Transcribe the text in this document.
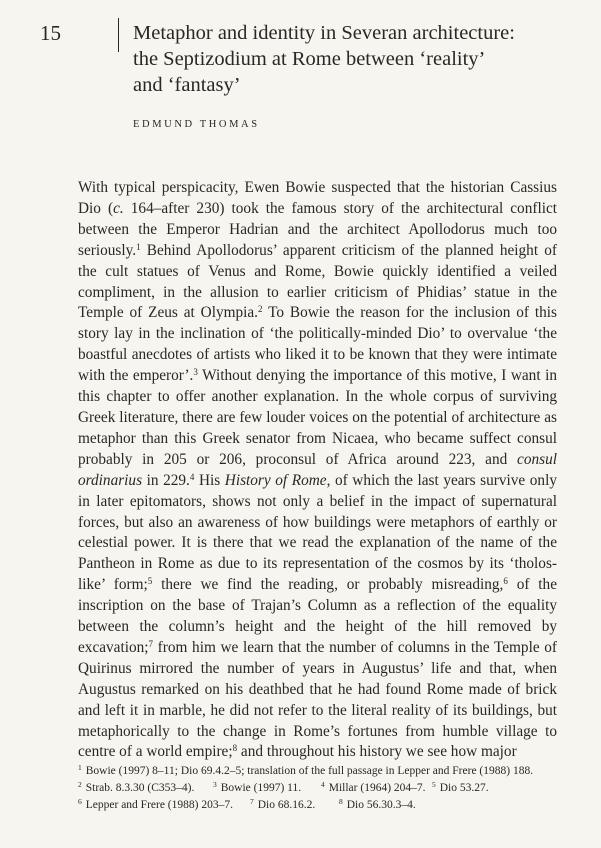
15	Metaphor and identity in Severan architecture:
the Septizodium at Rome between ‘reality’
and ‘fantasy’
EDMUND THOMAS

With typical perspicacity, Ewen Bowie suspected that the historian Cassius Dio (c. 164–after 230) took the famous story of the architectural conflict between the Emperor Hadrian and the architect Apollodorus much too seriously.$^1$ Behind Apollodorus’ apparent criticism of the planned height of the cult statues of Venus and Rome, Bowie quickly identified a veiled compliment, in the allusion to earlier criticism of Phidias’ statue in the Temple of Zeus at Olympia.$^2$ To Bowie the reason for the inclusion of this story lay in the inclination of ‘the politically-minded Dio’ to overvalue ‘the boastful anecdotes of artists who liked it to be known that they were intimate with the emperor’.$^3$ Without denying the importance of this motive, I want in this chapter to offer another explanation. In the whole corpus of surviving Greek literature, there are few louder voices on the potential of architecture as metaphor than this Greek senator from Nicaea, who became suffect consul probably in 205 or 206, proconsul of Africa around 223, and consul ordinarius in 229.$^4$ His History of Rome, of which the last years survive only in later epitomators, shows not only a belief in the impact of supernatural forces, but also an awareness of how buildings were metaphors of earthly or celestial power. It is there that we read the explanation of the name of the Pantheon in Rome as due to its representation of the cosmos by its ‘tholos-like’ form;$^5$ there we find the reading, or probably misreading,$^6$ of the inscription on the base of Trajan’s Column as a reflection of the equality between the column’s height and the height of the hill removed by excavation;$^7$ from him we learn that the number of columns in the Temple of Quirinus mirrored the number of years in Augustus’ life and that, when Augustus remarked on his deathbed that he had found Rome made of brick and left it in marble, he did not refer to the literal reality of its buildings, but metaphorically to the change in Rome’s fortunes from humble village to centre of a world empire;$^8$ and throughout his history we see how major

$^1$ Bowie (1997) 8–11; Dio 69.4.2–5; translation of the full passage in Lepper and Frere (1988) 188.
$^2$ Strab. 8.3.30 (C353–4). $^3$ Bowie (1997) 11.	$^4$ Millar (1964) 204–7. $^5$ Dio 53.27.
$^6$ Lepper and Frere (1988) 203–7. $^7$ Dio 68.16.2.	$^8$ Dio 56.30.3–4.
